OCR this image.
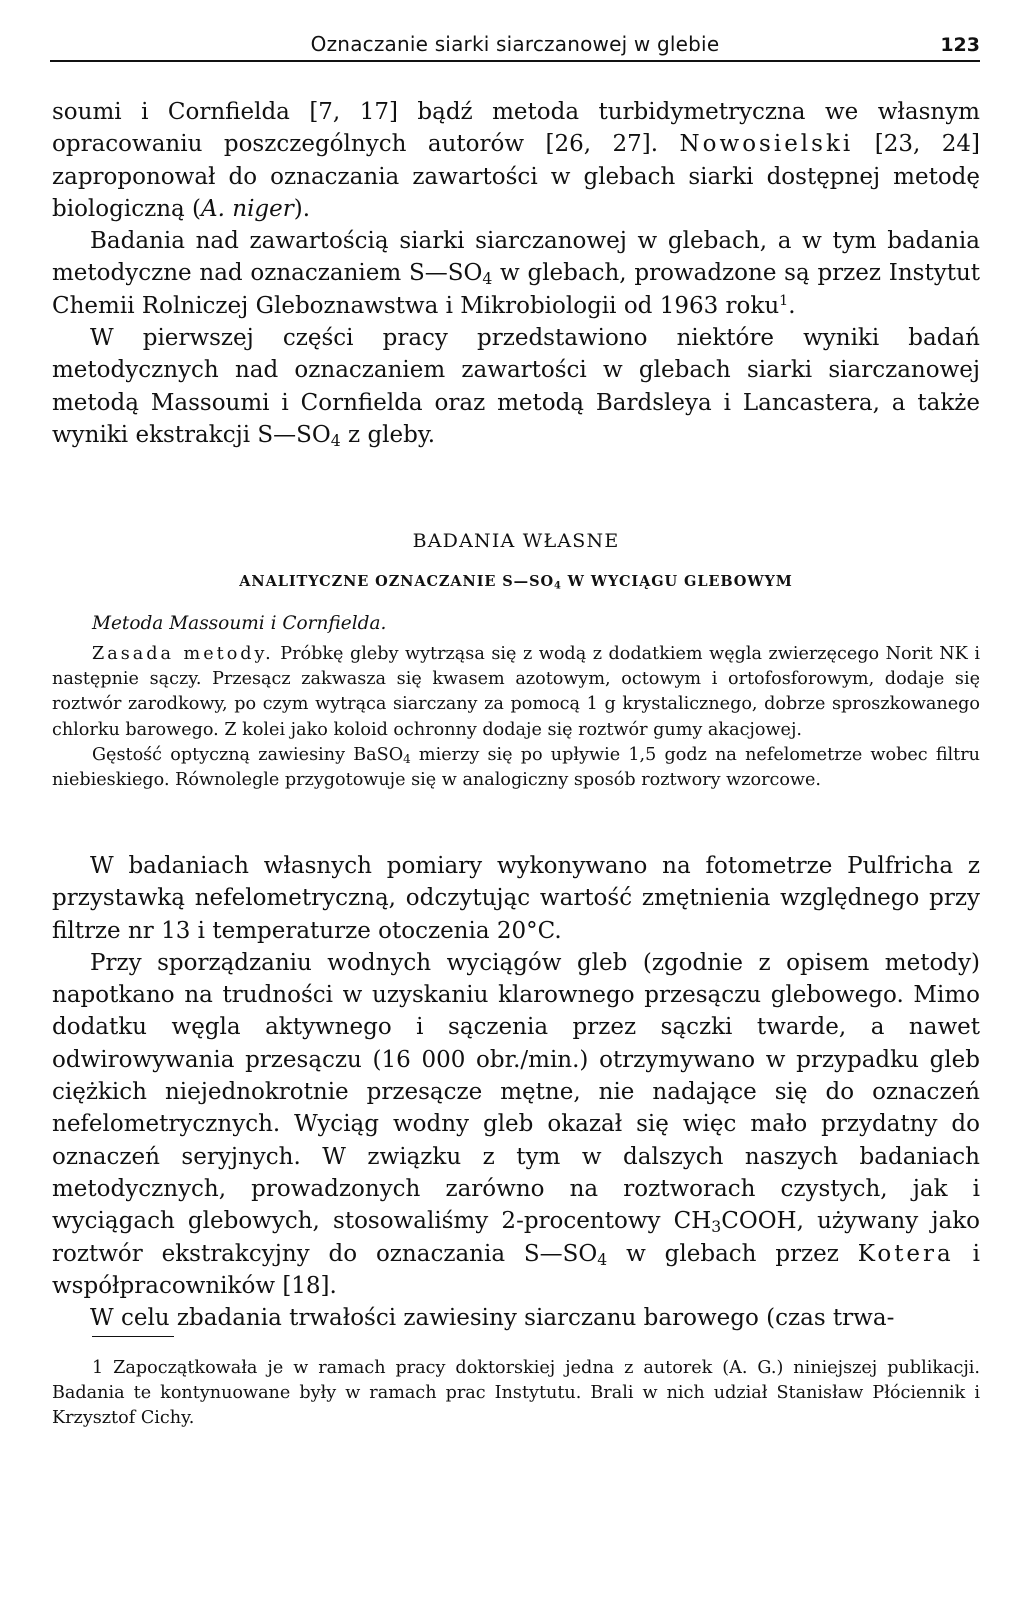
Oznaczanie siarki siarczanowej w glebie	123

soumi i Cornfielda [7, 17] bądź metoda turbidymetryczna we własnym opracowaniu poszczególnych autorów [26, 27]. Nowosielski [23, 24] zaproponował do oznaczania zawartości w glebach siarki dostępnej metodę biologiczną (A. niger).

Badania nad zawartością siarki siarczanowej w glebach, a w tym badania metodyczne nad oznaczaniem $S—SO_4$ w glebach, prowadzone są przez Instytut Chemii Rolniczej Gleboznawstwa i Mikrobiologii od 1963 roku$^1$.

W pierwszej części pracy przedstawiono niektóre wyniki badań metodycznych nad oznaczaniem zawartości w glebach siarki siarczanowej metodą Massoumi i Cornfielda oraz metodą Bardsleya i Lancastera, a także wyniki ekstrakcji $S—SO_4$ z gleby.

BADANIA WŁASNE
ANALITYCZNE OZNACZANIE $S—SO_4$ W WYCIĄGU GLEBOWYM
Metoda Massoumi i Cornfielda.

Zasada metody. Próbkę gleby wytrząsa się z wodą z dodatkiem węgla zwierzęcego Norit NK i następnie sączy. Przesącz zakwasza się kwasem azotowym, octowym i ortofosforowym, dodaje się roztwór zarodkowy, po czym wytrąca siarczany za pomocą 1 g krystalicznego, dobrze sproszkowanego chlorku barowego. Z kolei jako koloid ochronny dodaje się roztwór gumy akacjowej.

Gęstość optyczną zawiesiny BaSO$_4$ mierzy się po upływie 1,5 godz na nefelometrze wobec filtru niebieskiego. Równolegle przygotowuje się w analogiczny sposób roztwory wzorcowe.

W badaniach własnych pomiary wykonywano na fotometrze Pulfricha z przystawką nefelometryczną, odczytując wartość zmętnienia względnego przy filtrze nr 13 i temperaturze otoczenia 20°C.

Przy sporządzaniu wodnych wyciągów gleb (zgodnie z opisem metody) napotkano na trudności w uzyskaniu klarownego przesączu glebowego. Mimo dodatku węgla aktywnego i sączenia przez sączki twarde, a nawet odwirowywania przesączu (16 000 obr./min.) otrzymywano w przypadku gleb ciężkich niejednokrotnie przesącze mętne, nie nadające się do oznaczeń nefelometrycznych. Wyciąg wodny gleb okazał się więc mało przydatny do oznaczeń seryjnych. W związku z tym w dalszych naszych badaniach metodycznych, prowadzonych zarówno na roztworach czystych, jak i wyciągach glebowych, stosowaliśmy 2-procentowy $CH_3COOH$, używany jako roztwór ekstrakcyjny do oznaczania $S—SO_4$ w glebach przez Kotera i współpracowników [18].

W celu zbadania trwałości zawiesiny siarczanu barowego (czas trwa-

1 Zapoczątkowała je w ramach pracy doktorskiej jedna z autorek (A. G.) niniejszej publikacji. Badania te kontynuowane były w ramach prac Instytutu. Brali w nich udział Stanisław Płóciennik i Krzysztof Cichy.
